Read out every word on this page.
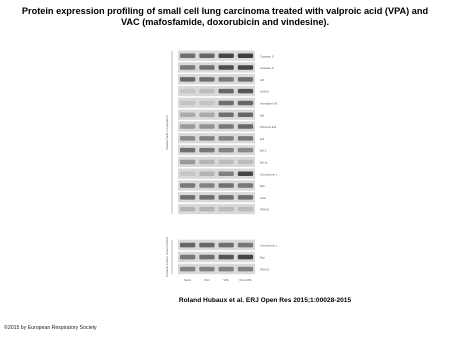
Protein expression profiling of small cell lung carcinoma treated with valproic acid (VPA) and
VAC (mafosfamide, doxorubicin and vindesine).
Caspase 9
Caspase 8
AIF
γH2AX
Acetylated H3
Bid
Phospho-Erk
Erk
Bcl-2
Bcl-xL
Cytochrome c
Bax
Actin
PDAC1
Cytochrome c
Bax
PDAC1
Soluble fraction (cytoplasm)
Insoluble fraction (mitochondria)
Mock	VAC	VPA	VAC+VPA
Roland Hubaux et al. ERJ Open Res 2015;1:00028-2015
©2015 by European Respiratory Society
